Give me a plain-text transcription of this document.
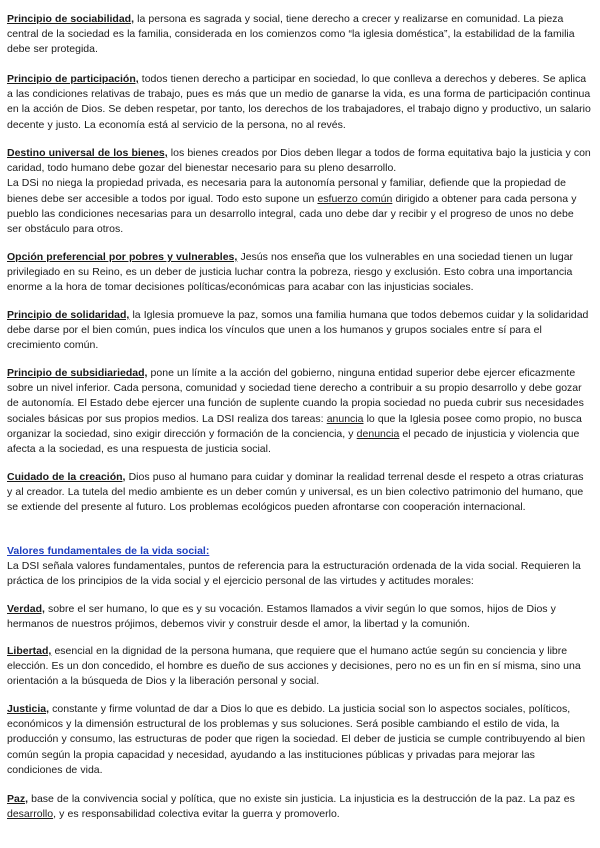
Principio de sociabilidad, la persona es sagrada y social, tiene derecho a crecer y realizarse en comunidad. La pieza central de la sociedad es la familia, considerada en los comienzos como “la iglesia doméstica”, la estabilidad de la familia debe ser protegida.

Principio de participación, todos tienen derecho a participar en sociedad, lo que conlleva a derechos y deberes. Se aplica a las condiciones relativas de trabajo, pues es más que un medio de ganarse la vida, es una forma de participación continua en la acción de Dios. Se deben respetar, por tanto, los derechos de los trabajadores, el trabajo digno y productivo, un salario decente y justo. La economía está al servicio de la persona, no al revés.

Destino universal de los bienes, los bienes creados por Dios deben llegar a todos de forma equitativa bajo la justicia y con caridad, todo humano debe gozar del bienestar necesario para su pleno desarrollo.
La DSi no niega la propiedad privada, es necesaria para la autonomía personal y familiar, defiende que la propiedad de bienes debe ser accesible a todos por igual. Todo esto supone un esfuerzo común dirigido a obtener para cada persona y pueblo las condiciones necesarias para un desarrollo integral, cada uno debe dar y recibir y el progreso de unos no debe ser obstáculo para otros.

Opción preferencial por pobres y vulnerables, Jesús nos enseña que los vulnerables en una sociedad tienen un lugar privilegiado en su Reino, es un deber de justicia luchar contra la pobreza, riesgo y exclusión. Esto cobra una importancia enorme a la hora de tomar decisiones políticas/económicas para acabar con las injusticias sociales.

Principio de solidaridad, la Iglesia promueve la paz, somos una familia humana que todos debemos cuidar y la solidaridad debe darse por el bien común, pues indica los vínculos que unen a los humanos y grupos sociales entre sí para el crecimiento común.

Principio de subsidiariedad, pone un límite a la acción del gobierno, ninguna entidad superior debe ejercer eficazmente sobre un nivel inferior. Cada persona, comunidad y sociedad tiene derecho a contribuir a su propio desarrollo y debe gozar de autonomía. El Estado debe ejercer una función de suplente cuando la propia sociedad no pueda cubrir sus necesidades sociales básicas por sus propios medios. La DSI realiza dos tareas: anuncia lo que la Iglesia posee como propio, no busca organizar la sociedad, sino exigir dirección y formación de la conciencia, y denuncia el pecado de injusticia y violencia que afecta a la sociedad, es una respuesta de justicia social.

Cuidado de la creación, Dios puso al humano para cuidar y dominar la realidad terrenal desde el respeto a otras criaturas y al creador. La tutela del medio ambiente es un deber común y universal, es un bien colectivo patrimonio del humano, que se extiende del presente al futuro. Los problemas ecológicos pueden afrontarse con cooperación internacional.

Valores fundamentales de la vida social:
La DSI señala valores fundamentales, puntos de referencia para la estructuración ordenada de la vida social. Requieren la práctica de los principios de la vida social y el ejercicio personal de las virtudes y actitudes morales:

Verdad, sobre el ser humano, lo que es y su vocación. Estamos llamados a vivir según lo que somos, hijos de Dios y hermanos de nuestros prójimos, debemos vivir y construir desde el amor, la libertad y la comunión.

Libertad, esencial en la dignidad de la persona humana, que requiere que el humano actúe según su conciencia y libre elección. Es un don concedido, el hombre es dueño de sus acciones y decisiones, pero no es un fin en sí misma, sino una orientación a la búsqueda de Dios y la liberación personal y social.

Justicia, constante y firme voluntad de dar a Dios lo que es debido. La justicia social son lo aspectos sociales, políticos, económicos y la dimensión estructural de los problemas y sus soluciones. Será posible cambiando el estilo de vida, la producción y consumo, las estructuras de poder que rigen la sociedad. El deber de justicia se cumple contribuyendo al bien común según la propia capacidad y necesidad, ayudando a las instituciones públicas y privadas para mejorar las condiciones de vida.

Paz, base de la convivencia social y política, que no existe sin justicia. La injusticia es la destrucción de la paz. La paz es desarrollo, y es responsabilidad colectiva evitar la guerra y promoverlo.
